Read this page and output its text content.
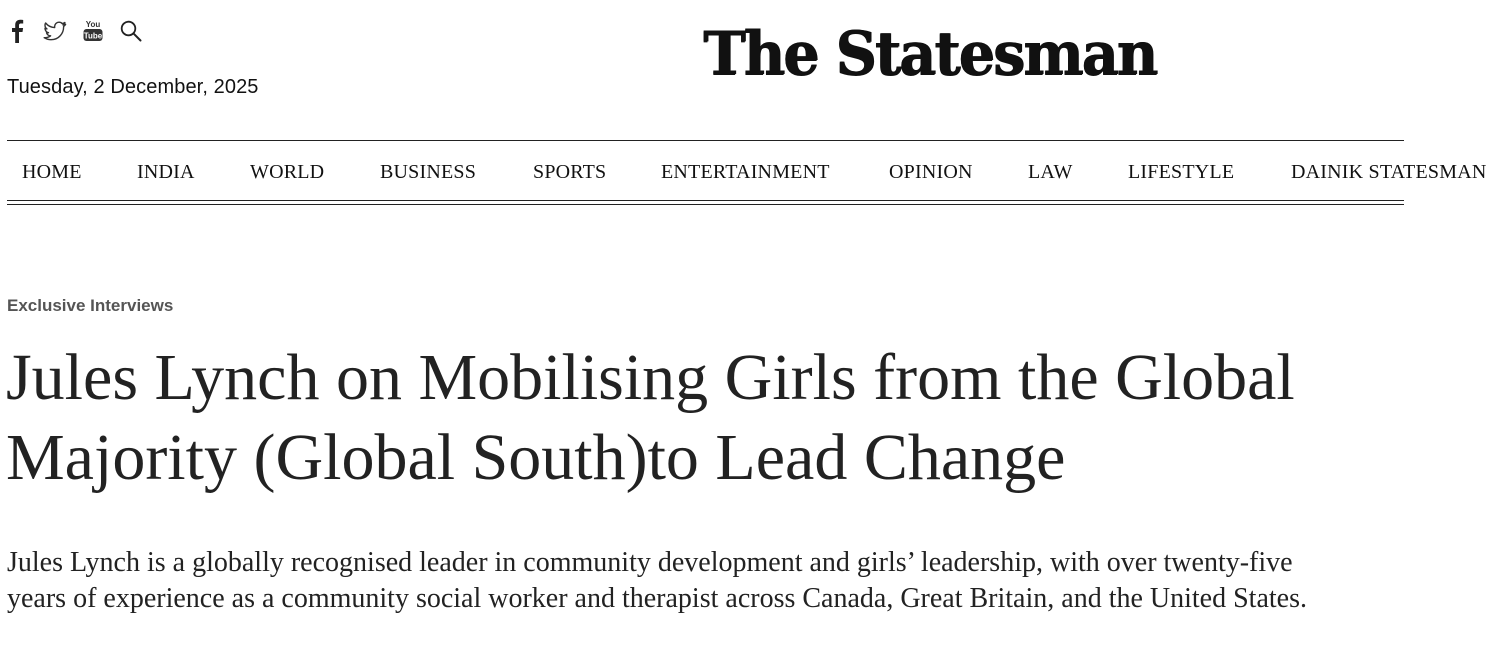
You
Tube
Tuesday, 2 December, 2025	The Statesman
HOME	INDIA	WORLD	BUSINESS	SPORTS	ENTERTAINMENT	OPINION	LAW	LIFESTYLE	DAINIK STATESMAN
Exclusive Interviews
Jules Lynch on Mobilising Girls from the Global Majority (Global South)to Lead Change

Jules Lynch is a globally recognised leader in community development and girls’ leadership, with over twenty-five years of experience as a community social worker and therapist across Canada, Great Britain, and the United States.
